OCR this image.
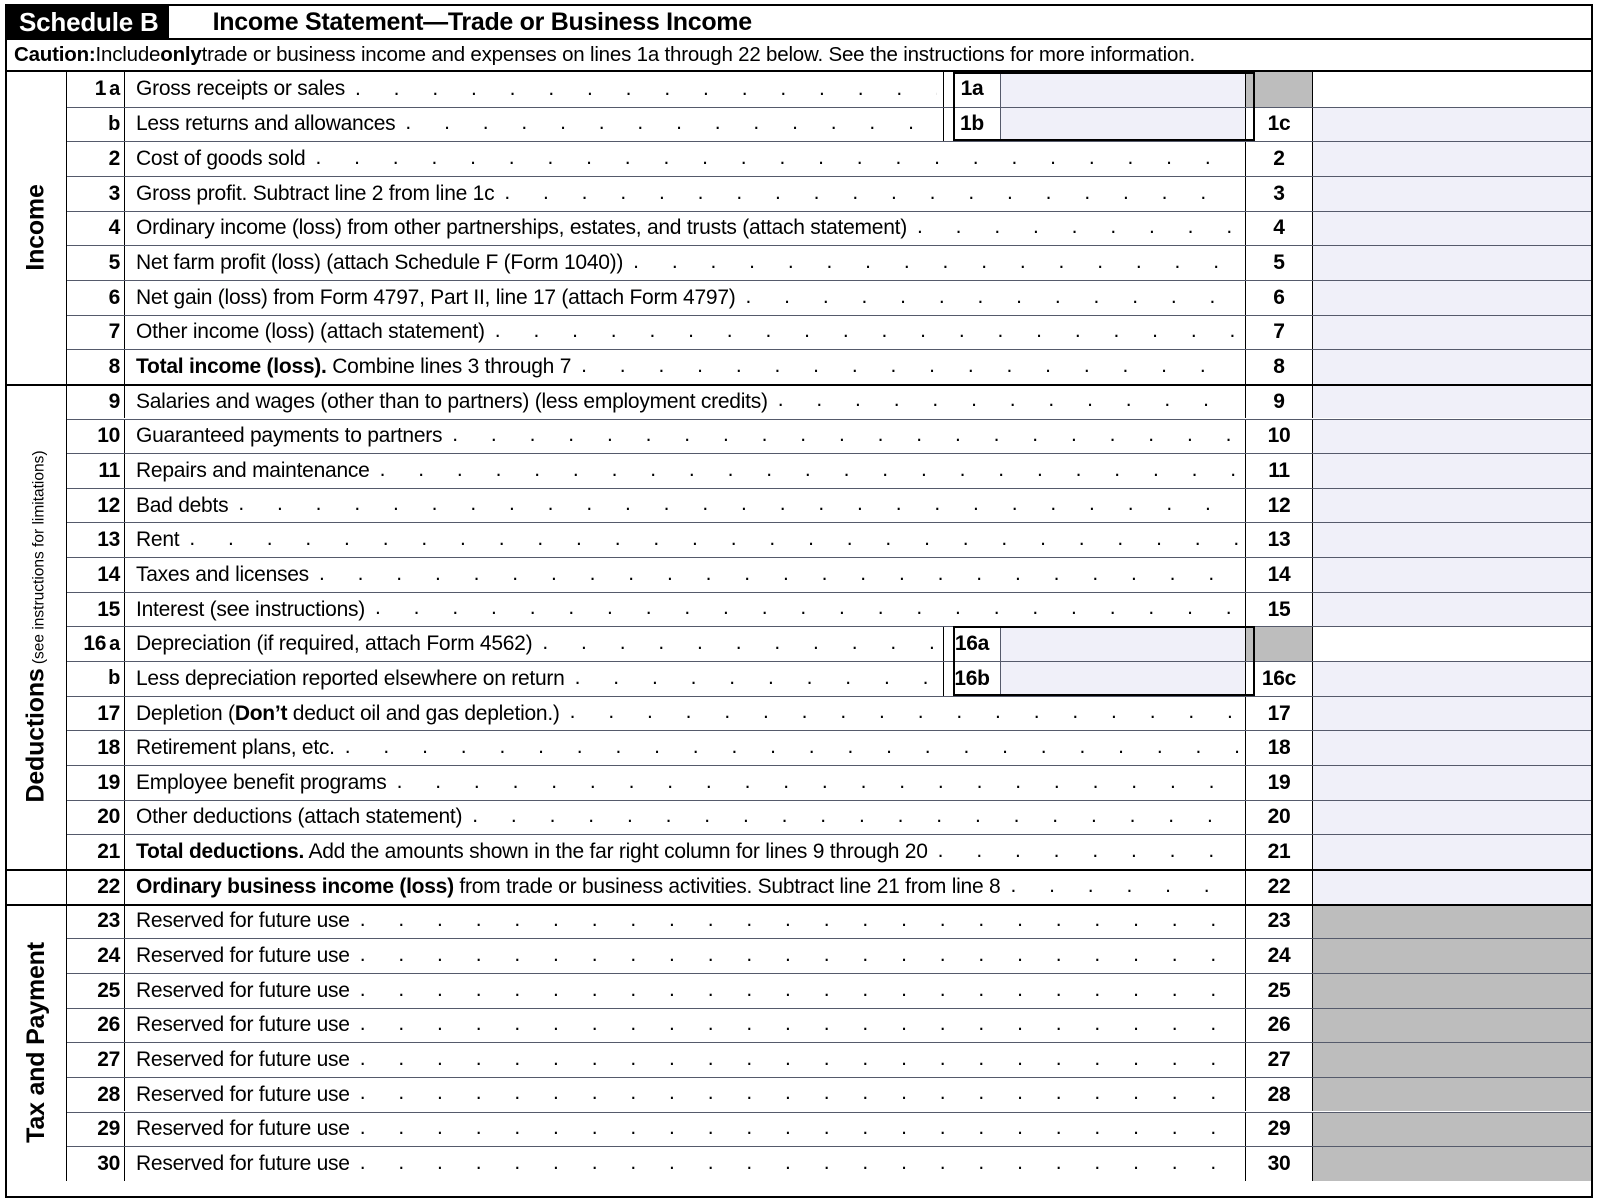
Schedule B	Income Statement—Trade or Business Income
Caution: Include only trade or business income and expenses on lines 1a through 22 below. See the instructions for more information.
Income
Deductions (see instructions for limitations)
Tax and Payment
1 a Gross receipts or sales . . .	1a
b Less returns and allowances . . .	1b	1c
2 Cost of goods sold . . .	2
3 Gross profit. Subtract line 2 from line 1c . . .	3
4 Ordinary income (loss) from other partnerships, estates, and trusts (attach statement) . . .	4
5 Net farm profit (loss) (attach Schedule F (Form 1040)) . . .	5
6 Net gain (loss) from Form 4797, Part II, line 17 (attach Form 4797) . . .	6
7 Other income (loss) (attach statement) . . .	7
8 Total income (loss). Combine lines 3 through 7 . . .	8
9 Salaries and wages (other than to partners) (less employment credits) . . .	9
10 Guaranteed payments to partners . . .	10
11 Repairs and maintenance . . .	11
12 Bad debts . . .	12
13 Rent . . .	13
14 Taxes and licenses . . .	14
15 Interest (see instructions) . . .	15
16 a Depreciation (if required, attach Form 4562) . . .	16a
b Less depreciation reported elsewhere on return . . .	16b	16c
17 Depletion (Don’t deduct oil and gas depletion.) . . .	17
18 Retirement plans, etc. . . .	18
19 Employee benefit programs . . .	19
20 Other deductions (attach statement) . . .	20
21 Total deductions. Add the amounts shown in the far right column for lines 9 through 20 . . .	21
22 Ordinary business income (loss) from trade or business activities. Subtract line 21 from line 8 . . .	22
23 Reserved for future use . . .	23
24 Reserved for future use . . .	24
25 Reserved for future use . . .	25
26 Reserved for future use . . .	26
27 Reserved for future use . . .	27
28 Reserved for future use . . .	28
29 Reserved for future use . . .	29
30 Reserved for future use . . .	30
